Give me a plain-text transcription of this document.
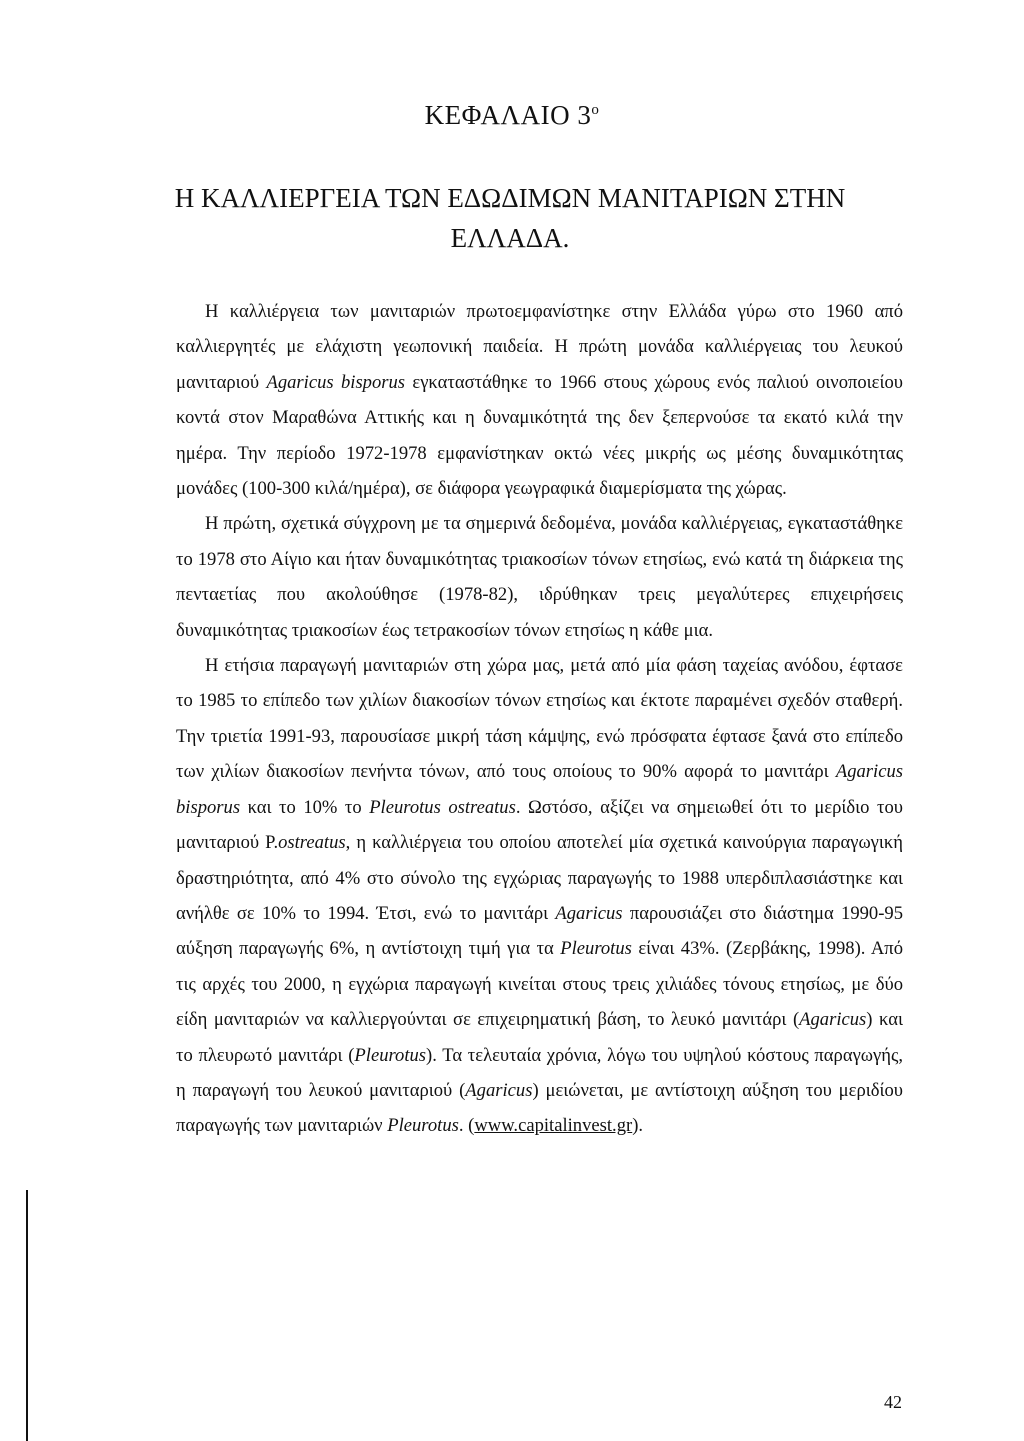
ΚΕΦΑΛΑΙΟ $3^o$
Η ΚΑΛΛΙΕΡΓΕΙΑ ΤΩΝ ΕΔΩΔΙΜΩΝ ΜΑΝΙΤΑΡΙΩΝ ΣΤΗΝ ΕΛΛΑΔΑ.

Η καλλιέργεια των μανιταριών πρωτοεμφανίστηκε στην Ελλάδα γύρω στο 1960 από καλλιεργητές με ελάχιστη γεωπονική παιδεία. Η πρώτη μονάδα καλλιέργειας του λευκού μανιταριού Agaricus bisporus εγκαταστάθηκε το 1966 στους χώρους ενός παλιού οινοποιείου κοντά στον Μαραθώνα Αττικής και η δυναμικότητά της δεν ξεπερνούσε τα εκατό κιλά την ημέρα. Την περίοδο 1972-1978 εμφανίστηκαν οκτώ νέες μικρής ως μέσης δυναμικότητας μονάδες (100-300 κιλά/ημέρα), σε διάφορα γεωγραφικά διαμερίσματα της χώρας.

Η πρώτη, σχετικά σύγχρονη με τα σημερινά δεδομένα, μονάδα καλλιέργειας, εγκαταστάθηκε το 1978 στο Αίγιο και ήταν δυναμικότητας τριακοσίων τόνων ετησίως, ενώ κατά τη διάρκεια της πενταετίας που ακολούθησε (1978-82), ιδρύθηκαν τρεις μεγαλύτερες επιχειρήσεις δυναμικότητας τριακοσίων έως τετρακοσίων τόνων ετησίως η κάθε μια.

Η ετήσια παραγωγή μανιταριών στη χώρα μας, μετά από μία φάση ταχείας ανόδου, έφτασε το 1985 το επίπεδο των χιλίων διακοσίων τόνων ετησίως και έκτοτε παραμένει σχεδόν σταθερή. Την τριετία 1991-93, παρουσίασε μικρή τάση κάμψης, ενώ πρόσφατα έφτασε ξανά στο επίπεδο των χιλίων διακοσίων πενήντα τόνων, από τους οποίους το 90% αφορά το μανιτάρι Agaricus bisporus και το 10% το Pleurotus ostreatus. Ωστόσο, αξίζει να σημειωθεί ότι το μερίδιο του μανιταριού P.ostreatus, η καλλιέργεια του οποίου αποτελεί μία σχετικά καινούργια παραγωγική δραστηριότητα, από 4% στο σύνολο της εγχώριας παραγωγής το 1988 υπερδιπλασιάστηκε και ανήλθε σε 10% το 1994. Έτσι, ενώ το μανιτάρι Agaricus παρουσιάζει στο διάστημα 1990-95 αύξηση παραγωγής 6%, η αντίστοιχη τιμή για τα Pleurotus είναι 43%. (Ζερβάκης, 1998). Από τις αρχές του 2000, η εγχώρια παραγωγή κινείται στους τρεις χιλιάδες τόνους ετησίως, με δύο είδη μανιταριών να καλλιεργούνται σε επιχειρηματική βάση, το λευκό μανιτάρι (Agaricus) και το πλευρωτό μανιτάρι (Pleurotus). Τα τελευταία χρόνια, λόγω του υψηλού κόστους παραγωγής, η παραγωγή του λευκού μανιταριού (Agaricus) μειώνεται, με αντίστοιχη αύξηση του μεριδίου παραγωγής των μανιταριών Pleurotus. (www.capitalinvest.gr).

42
